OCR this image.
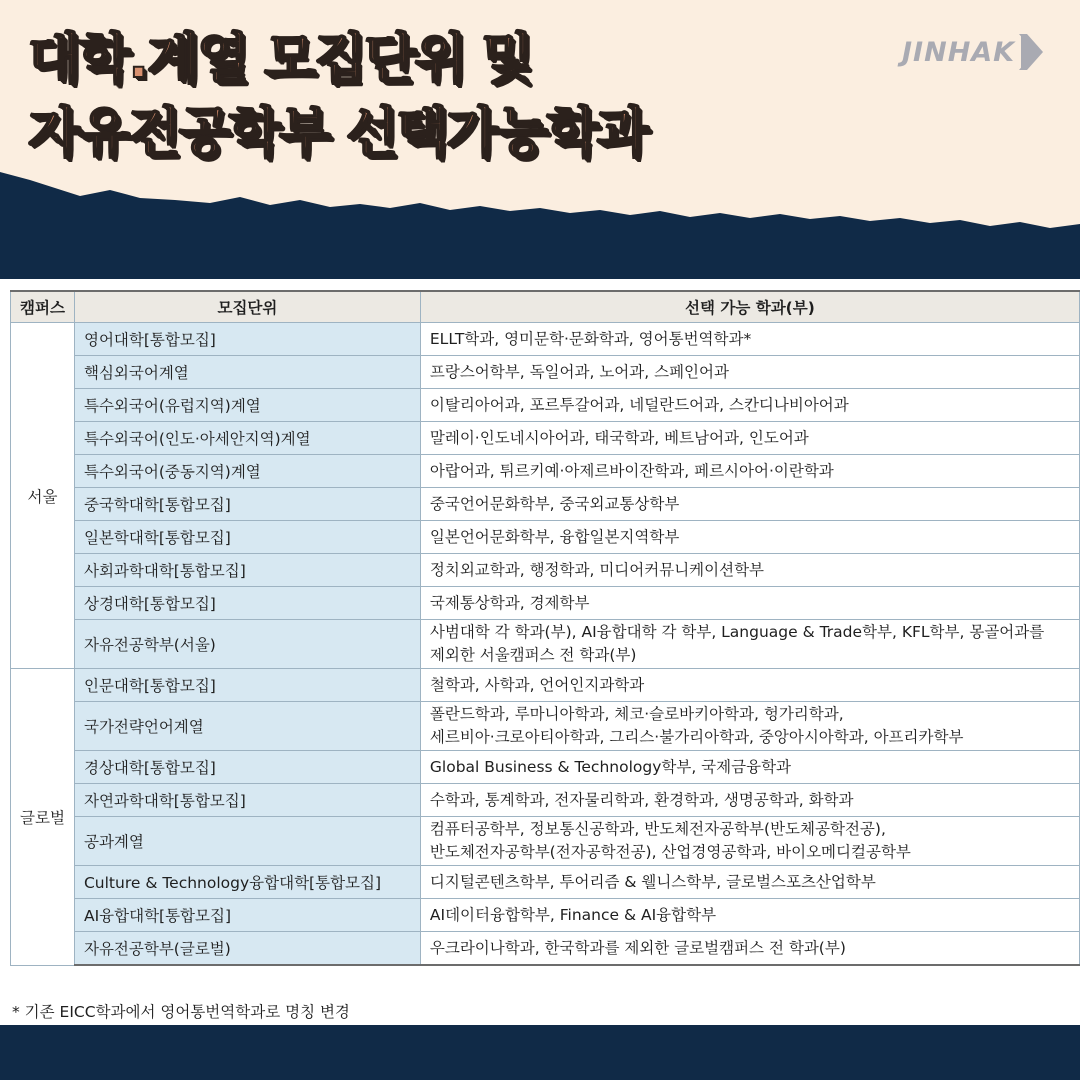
대학.계열 모집단위 및
자유전공학부 선택가능학과
JINHAK
캠퍼스	모집단위	선택 가능 학과(부)
서울	영어대학[통합모집]	ELLT학과, 영미문학·문화학과, 영어통번역학과*

	핵심외국어계열	프랑스어학부, 독일어과, 노어과, 스페인어과

	특수외국어(유럽지역)계열	이탈리아어과, 포르투갈어과, 네덜란드어과, 스칸디나비아어과

	특수외국어(인도·아세안지역)계열	말레이·인도네시아어과, 태국학과, 베트남어과, 인도어과

	특수외국어(중동지역)계열	아랍어과, 튀르키예·아제르바이잔학과, 페르시아어·이란학과

	중국학대학[통합모집]	중국언어문화학부, 중국외교통상학부

	일본학대학[통합모집]	일본언어문화학부, 융합일본지역학부

	사회과학대학[통합모집]	정치외교학과, 행정학과, 미디어커뮤니케이션학부

	상경대학[통합모집]	국제통상학과, 경제학부

	자유전공학부(서울)	사범대학 각 학과(부), AI융합대학 각 학부, Language & Trade학부, KFL학부, 몽골어과를
제외한 서울캠퍼스 전 학과(부)

글로벌	인문대학[통합모집]	철학과, 사학과, 언어인지과학과

	국가전략언어계열	폴란드학과, 루마니아학과, 체코·슬로바키아학과, 헝가리학과,
세르비아·크로아티아학과, 그리스·불가리아학과, 중앙아시아학과, 아프리카학부

	경상대학[통합모집]	Global Business & Technology학부, 국제금융학과

	자연과학대학[통합모집]	수학과, 통계학과, 전자물리학과, 환경학과, 생명공학과, 화학과

	공과계열	컴퓨터공학부, 정보통신공학과, 반도체전자공학부(반도체공학전공),
반도체전자공학부(전자공학전공), 산업경영공학과, 바이오메디컬공학부

	Culture & Technology융합대학[통합모집]	디지털콘텐츠학부, 투어리즘 & 웰니스학부, 글로벌스포츠산업학부

	AI융합대학[통합모집]	AI데이터융합학부, Finance & AI융합학부

	자유전공학부(글로벌)	우크라이나학과, 한국학과를 제외한 글로벌캠퍼스 전 학과(부)

* 기존 EICC학과에서 영어통번역학과로 명칭 변경
